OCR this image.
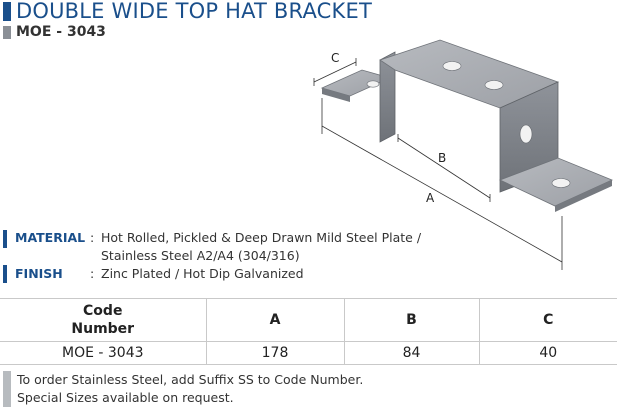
DOUBLE WIDE TOP HAT BRACKET
MOE - 3043
C
B
A
MATERIAL : Hot Rolled, Pickled & Deep Drawn Mild Steel Plate /
Stainless Steel A2/A4 (304/316)
FINISH : Zinc Plated / Hot Dip Galvanized
Code Number	A	B	C
MOE - 3043	178	84	40
To order Stainless Steel, add Suffix SS to Code Number.
Special Sizes available on request.
